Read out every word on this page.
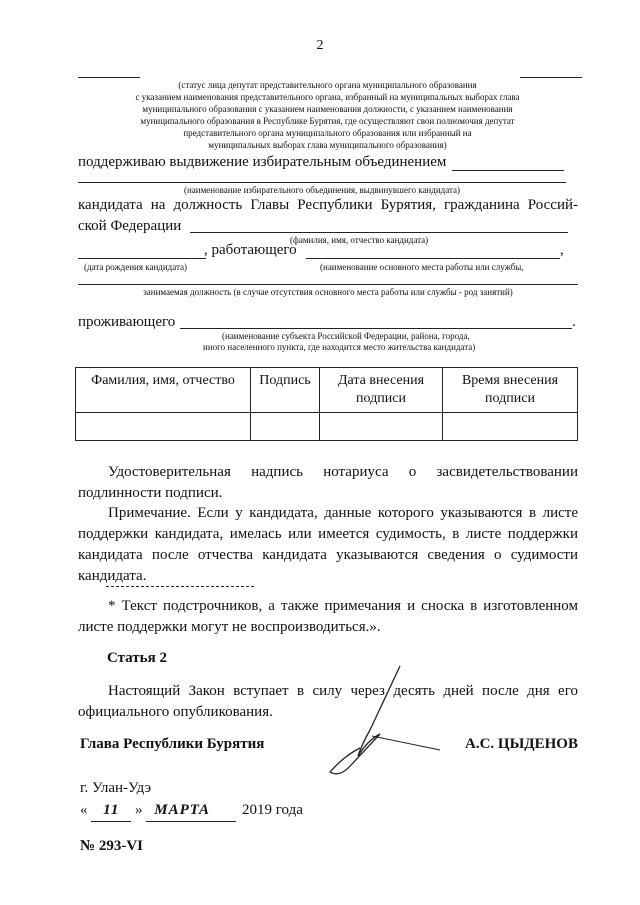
2
(статус лица депутат представительного органа муниципального образования
с указанием наименования представительного органа, избранный на муниципальных выборах глава
муниципального образования с указанием наименования должности, с указанием наименования
муниципального образования в Республике Бурятия, где осуществляют свои полномочия депутат
представительного органа муниципального образования или избранный на
муниципальных выборах глава муниципального образования)
поддерживаю выдвижение избирательным объединением
(наименование избирательного объединения, выдвинувшего кандидата)
кандидата на должность Главы Республики Бурятия, гражданина Россий-
ской Федерации
(фамилия, имя, отчество кандидата)
, работающего	,
(дата рождения кандидата)	(наименование основного места работы или службы,
занимаемая должность (в случае отсутствия основного места работы или службы - род занятий)
проживающего	.
(наименование субъекта Российской Федерации, района, города,
иного населенного пункта, где находится место жительства кандидата)
Фамилия, имя, отчество	Подпись	Дата внесения подписи	Время внесения подписи

Удостоверительная надпись нотариуса о засвидетельствовании подлинности подписи.
Примечание. Если у кандидата, данные которого указываются в листе поддержки кандидата, имелась или имеется судимость, в листе поддержки кандидата после отчества кандидата указываются сведения о судимости кандидата.
* Текст подстрочников, а также примечания и сноска в изготовленном листе поддержки могут не воспроизводиться.».
Статья 2
Настоящий Закон вступает в силу через десять дней после дня его официального опубликования.
Глава Республики Бурятия	А.С. ЦЫДЕНОВ
г. Улан-Удэ
« 11 » МАРТА 2019 года
№ 293-VI
